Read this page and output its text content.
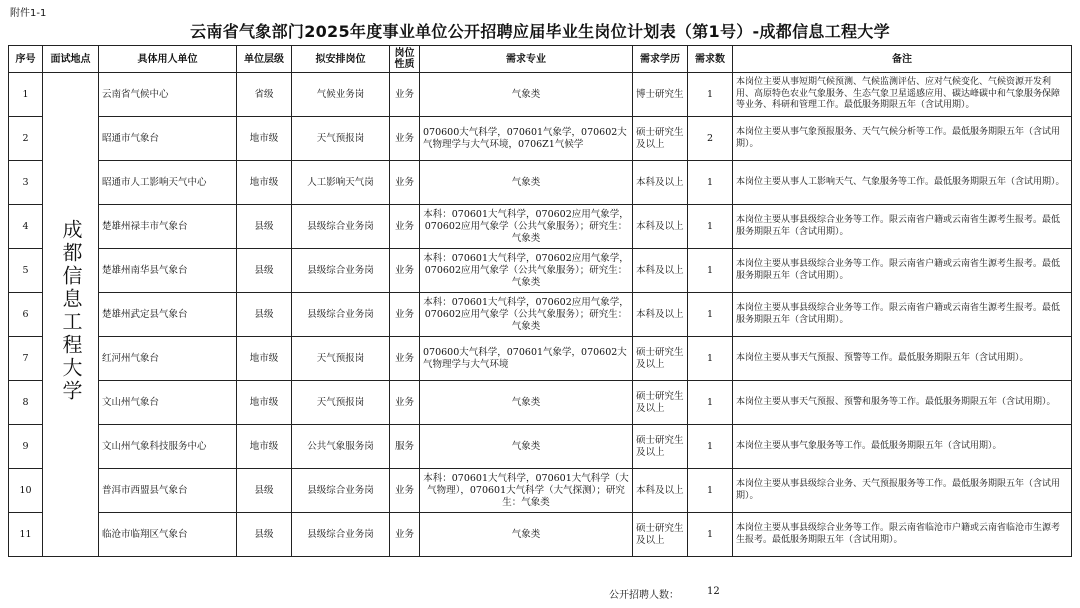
附件1-1
云南省气象部门2025年度事业单位公开招聘应届毕业生岗位计划表（第1号）-成都信息工程大学
序号	面试地点	具体用人单位	单位层级	拟安排岗位	岗位性质	需求专业	需求学历	需求数	备注
1	成都信息工程大学	云南省气候中心	省级	气候业务岗	业务	气象类	博士研究生	1	本岗位主要从事短期气候预测、气候监测评估、应对气候变化、气候资源开发利用、高原特色农业气象服务、生态气象卫星遥感应用、碳达峰碳中和气象服务保障等业务、科研和管理工作。最低服务期限五年（含试用期）。
2		昭通市气象台	地市级	天气预报岗	业务	070600大气科学，070601气象学，070602大气物理学与大气环境，0706Z1气候学	硕士研究生及以上	2	本岗位主要从事气象预报服务、天气气候分析等工作。最低服务期限五年（含试用期）。
3		昭通市人工影响天气中心	地市级	人工影响天气岗	业务	气象类	本科及以上	1	本岗位主要从事人工影响天气、气象服务等工作。最低服务期限五年（含试用期）。
4		楚雄州禄丰市气象台	县级	县级综合业务岗	业务	本科：070601大气科学，070602应用气象学，070602应用气象学（公共气象服务）；研究生：气象类	本科及以上	1	本岗位主要从事县级综合业务等工作。限云南省户籍或云南省生源考生报考。最低服务期限五年（含试用期）。
5		楚雄州南华县气象台	县级	县级综合业务岗	业务	本科：070601大气科学，070602应用气象学，070602应用气象学（公共气象服务）；研究生：气象类	本科及以上	1	本岗位主要从事县级综合业务等工作。限云南省户籍或云南省生源考生报考。最低服务期限五年（含试用期）。
6		楚雄州武定县气象台	县级	县级综合业务岗	业务	本科：070601大气科学，070602应用气象学，070602应用气象学（公共气象服务）；研究生：气象类	本科及以上	1	本岗位主要从事县级综合业务等工作。限云南省户籍或云南省生源考生报考。最低服务期限五年（含试用期）。
7		红河州气象台	地市级	天气预报岗	业务	070600大气科学，070601气象学，070602大气物理学与大气环境	硕士研究生及以上	1	本岗位主要从事天气预报、预警等工作。最低服务期限五年（含试用期）。
8		文山州气象台	地市级	天气预报岗	业务	气象类	硕士研究生及以上	1	本岗位主要从事天气预报、预警和服务等工作。最低服务期限五年（含试用期）。
9		文山州气象科技服务中心	地市级	公共气象服务岗	服务	气象类	硕士研究生及以上	1	本岗位主要从事气象服务等工作。最低服务期限五年（含试用期）。
10		普洱市西盟县气象台	县级	县级综合业务岗	业务	本科：070601大气科学，070601大气科学（大气物理），070601大气科学（大气探测）；研究生：气象类	本科及以上	1	本岗位主要从事县级综合业务、天气预报服务等工作。最低服务期限五年（含试用期）。
11		临沧市临翔区气象台	县级	县级综合业务岗	业务	气象类	硕士研究生及以上	1	本岗位主要从事县级综合业务等工作。限云南省临沧市户籍或云南省临沧市生源考生报考。最低服务期限五年（含试用期）。
公开招聘人数：	12
